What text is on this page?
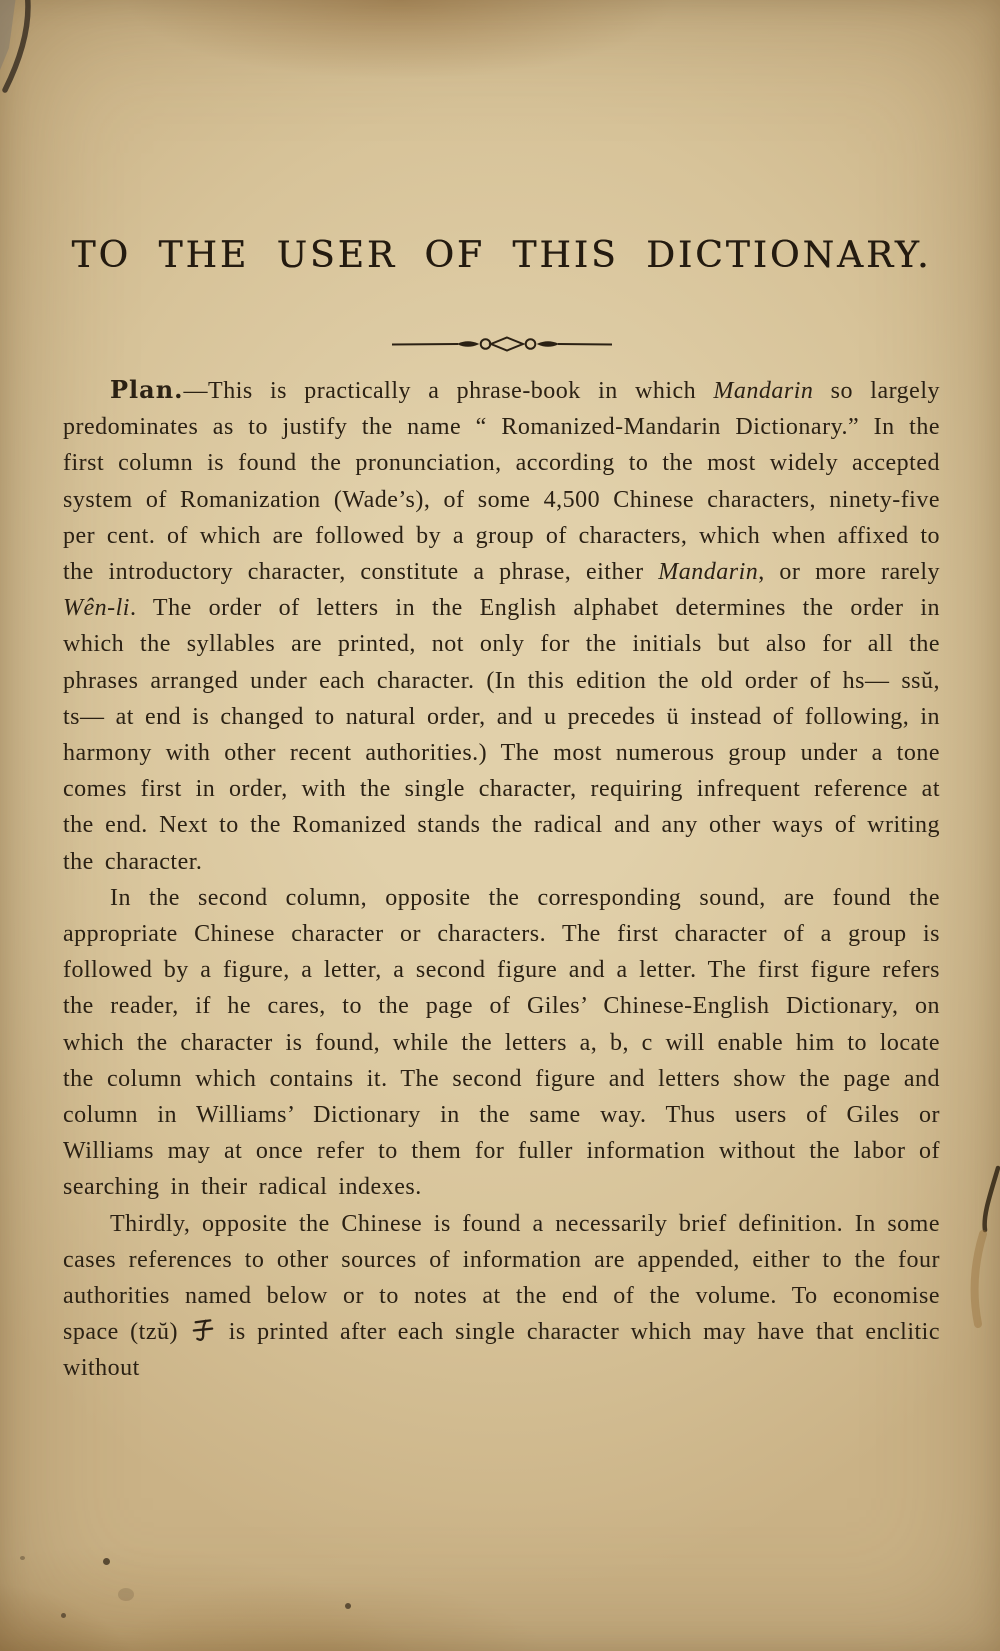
TO THE USER OF THIS DICTIONARY.

Plan.—This is practically a phrase-book in which Mandarin so largely predominates as to justify the name “ Romanized-Mandarin Dictionary.” In the first column is found the pronunciation, according to the most widely accepted system of Romanization (Wade’s), of some 4,500 Chinese characters, ninety-five per cent. of which are followed by a group of characters, which when affixed to the introductory character, constitute a phrase, either Mandarin, or more rarely Wên-li. The order of letters in the English alphabet determines the order in which the syllables are printed, not only for the initials but also for all the phrases arranged under each character. (In this edition the old order of hs— ssŭ, ts— at end is changed to natural order, and u precedes ü instead of following, in harmony with other recent authorities.) The most numerous group under a tone comes first in order, with the single character, requiring infrequent reference at the end. Next to the Romanized stands the radical and any other ways of writing the character.

In the second column, opposite the corresponding sound, are found the appropriate Chinese character or characters. The first character of a group is followed by a figure, a letter, a second figure and a letter. The first figure refers the reader, if he cares, to the page of Giles’ Chinese-English Dictionary, on which the character is found, while the letters a, b, c will enable him to locate the column which contains it. The second figure and letters show the page and column in Williams’ Dictionary in the same way. Thus users of Giles or Williams may at once refer to them for fuller information without the labor of searching in their radical indexes.

Thirdly, opposite the Chinese is found a necessarily brief definition. In some cases references to other sources of information are appended, either to the four authorities named below or to notes at the end of the volume. To economise space (tzŭ)  is printed after each single character which may have that enclitic without
